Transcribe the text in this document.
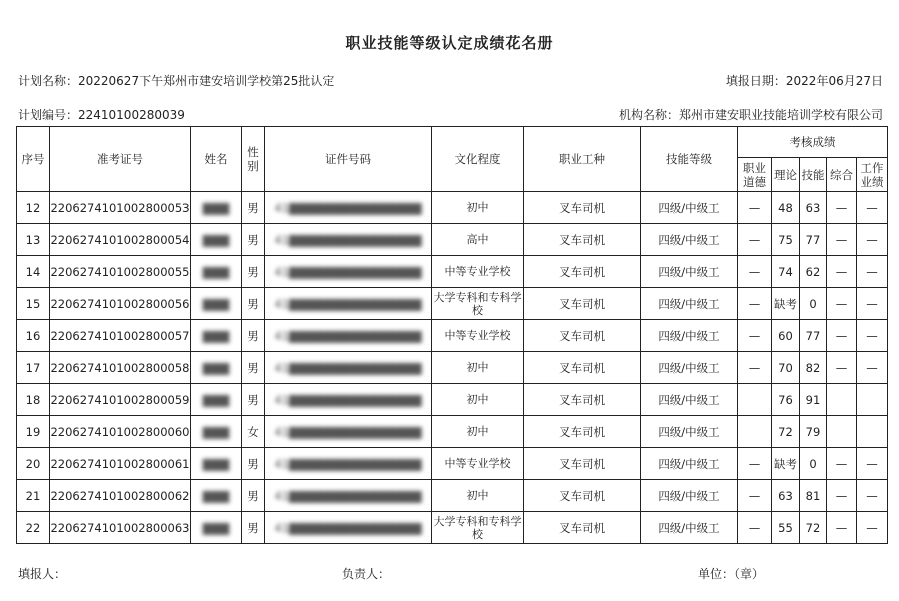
职业技能等级认定成绩花名册
计划名称：20220627下午郑州市建安培训学校第25批认定	填报日期：2022年06月27日
计划编号：22410100280039	机构名称：郑州市建安职业技能培训学校有限公司
序号	准考证号	姓名	性别	证件号码	文化程度	职业工种	技能等级	考核成绩				
								职业道德	理论	技能	综合	工作业绩
12	220627410100280005З	▇▇▇	男	41▇▇▇▇▇▇▇▇▇▇▇▇▇▇▇	初中	叉车司机	四级/中级工	—	48	63	—	—
13	2206274101002800054	▇▇▇	男	41▇▇▇▇▇▇▇▇▇▇▇▇▇▇▇	高中	叉车司机	四级/中级工	—	75	77	—	—
14	2206274101002800055	▇▇▇	男	41▇▇▇▇▇▇▇▇▇▇▇▇▇▇▇	中等专业学校	叉车司机	四级/中级工	—	74	62	—	—
15	2206274101002800056	▇▇▇	男	41▇▇▇▇▇▇▇▇▇▇▇▇▇▇▇	大学专科和专科学校	叉车司机	四级/中级工	—	缺考	0	—	—
16	2206274101002800057	▇▇▇	男	41▇▇▇▇▇▇▇▇▇▇▇▇▇▇▇	中等专业学校	叉车司机	四级/中级工	—	60	77	—	—
17	2206274101002800058	▇▇▇	男	41▇▇▇▇▇▇▇▇▇▇▇▇▇▇▇	初中	叉车司机	四级/中级工	—	70	82	—	—
18	2206274101002800059	▇▇▇	男	41▇▇▇▇▇▇▇▇▇▇▇▇▇▇▇	初中	叉车司机	四级/中级工		76	91		
19	2206274101002800060	▇▇▇	女	41▇▇▇▇▇▇▇▇▇▇▇▇▇▇▇	初中	叉车司机	四级/中级工		72	79		
20	2206274101002800061	▇▇▇	男	41▇▇▇▇▇▇▇▇▇▇▇▇▇▇▇	中等专业学校	叉车司机	四级/中级工	—	缺考	0	—	—
21	2206274101002800062	▇▇▇	男	41▇▇▇▇▇▇▇▇▇▇▇▇▇▇▇	初中	叉车司机	四级/中级工	—	63	81	—	—
22	2206274101002800063	▇▇▇	男	41▇▇▇▇▇▇▇▇▇▇▇▇▇▇▇	大学专科和专科学校	叉车司机	四级/中级工	—	55	72	—	—
填报人：	负责人：	单位：（章）
